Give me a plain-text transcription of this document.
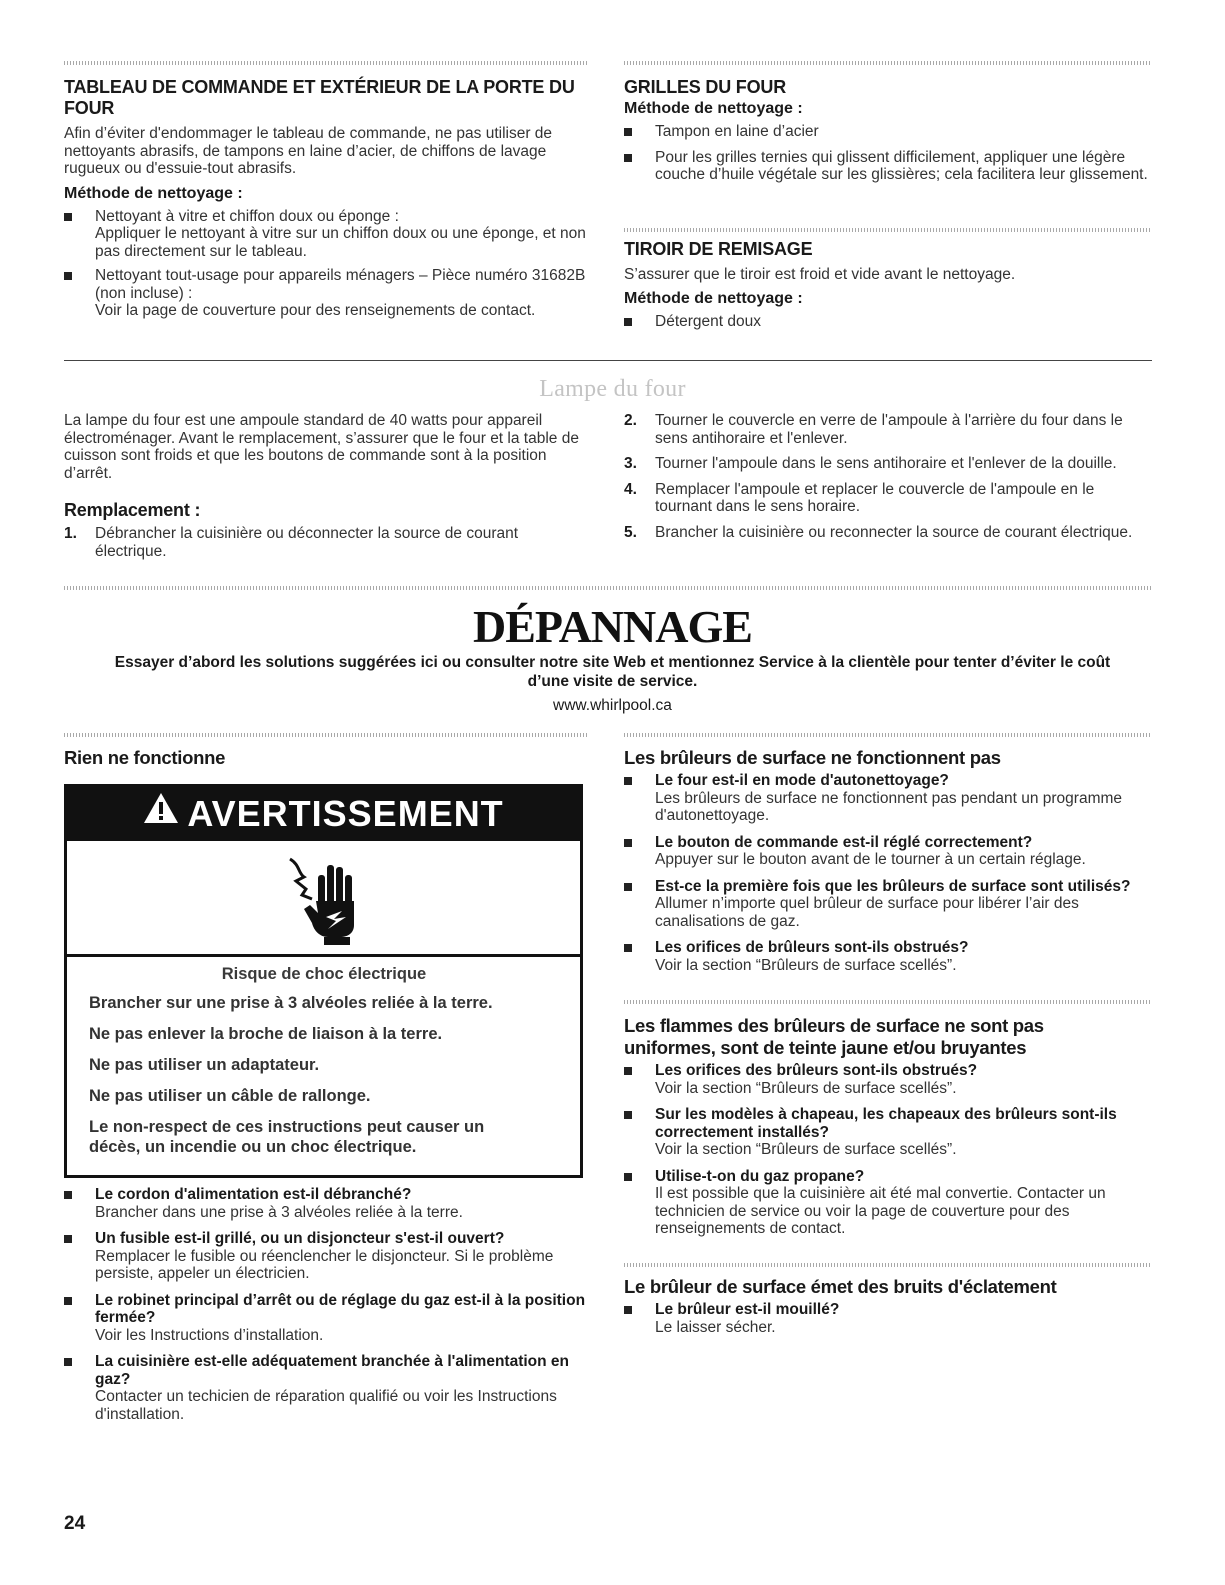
TABLEAU DE COMMANDE ET EXTÉRIEUR DE LA PORTE DU FOUR
Afin d’éviter d'endommager le tableau de commande, ne pas utiliser de nettoyants abrasifs, de tampons en laine d’acier, de chiffons de lavage rugueux ou d'essuie-tout abrasifs.
Méthode de nettoyage :
Nettoyant à vitre et chiffon doux ou éponge :
Appliquer le nettoyant à vitre sur un chiffon doux ou une éponge, et non pas directement sur le tableau.
Nettoyant tout-usage pour appareils ménagers – Pièce numéro 31682B (non incluse) :
Voir la page de couverture pour des renseignements de contact.
GRILLES DU FOUR
Méthode de nettoyage :
Tampon en laine d’acier
Pour les grilles ternies qui glissent difficilement, appliquer une légère couche d’huile végétale sur les glissières; cela facilitera leur glissement.
TIROIR DE REMISAGE
S’assurer que le tiroir est froid et vide avant le nettoyage.
Méthode de nettoyage :
Détergent doux
Lampe du four
La lampe du four est une ampoule standard de 40 watts pour appareil électroménager. Avant le remplacement, s’assurer que le four et la table de cuisson sont froids et que les boutons de commande sont à la position d’arrêt.
Remplacement :
1. Débrancher la cuisinière ou déconnecter la source de courant électrique.
2. Tourner le couvercle en verre de l'ampoule à l'arrière du four dans le sens antihoraire et l'enlever.
3. Tourner l'ampoule dans le sens antihoraire et l'enlever de la douille.
4. Remplacer l'ampoule et replacer le couvercle de l'ampoule en le tournant dans le sens horaire.
5. Brancher la cuisinière ou reconnecter la source de courant électrique.
DÉPANNAGE
Essayer d’abord les solutions suggérées ici ou consulter notre site Web et mentionnez Service à la clientèle pour tenter d’éviter le coût d’une visite de service.
www.whirlpool.ca
Rien ne fonctionne
AVERTISSEMENT
Risque de choc électrique
Brancher sur une prise à 3 alvéoles reliée à la terre.
Ne pas enlever la broche de liaison à la terre.
Ne pas utiliser un adaptateur.
Ne pas utiliser un câble de rallonge.
Le non-respect de ces instructions peut causer un décès, un incendie ou un choc électrique.
Le cordon d'alimentation est-il débranché?
Brancher dans une prise à 3 alvéoles reliée à la terre.
Un fusible est-il grillé, ou un disjoncteur s'est-il ouvert?
Remplacer le fusible ou réenclencher le disjoncteur. Si le problème persiste, appeler un électricien.
Le robinet principal d’arrêt ou de réglage du gaz est-il à la position fermée?
Voir les Instructions d’installation.
La cuisinière est-elle adéquatement branchée à l'alimentation en gaz?
Contacter un techicien de réparation qualifié ou voir les Instructions d'installation.
Les brûleurs de surface ne fonctionnent pas
Le four est-il en mode d'autonettoyage?
Les brûleurs de surface ne fonctionnent pas pendant un programme d'autonettoyage.
Le bouton de commande est-il réglé correctement?
Appuyer sur le bouton avant de le tourner à un certain réglage.
Est-ce la première fois que les brûleurs de surface sont utilisés? Allumer n’importe quel brûleur de surface pour libérer l’air des canalisations de gaz.
Les orifices de brûleurs sont-ils obstrués?
Voir la section “Brûleurs de surface scellés”.
Les flammes des brûleurs de surface ne sont pas uniformes, sont de teinte jaune et/ou bruyantes
Les orifices des brûleurs sont-ils obstrués?
Voir la section “Brûleurs de surface scellés”.
Sur les modèles à chapeau, les chapeaux des brûleurs sont-ils correctement installés?
Voir la section “Brûleurs de surface scellés”.
Utilise-t-on du gaz propane?
Il est possible que la cuisinière ait été mal convertie. Contacter un technicien de service ou voir la page de couverture pour des renseignements de contact.
Le brûleur de surface émet des bruits d'éclatement
Le brûleur est-il mouillé?
Le laisser sécher.
24
